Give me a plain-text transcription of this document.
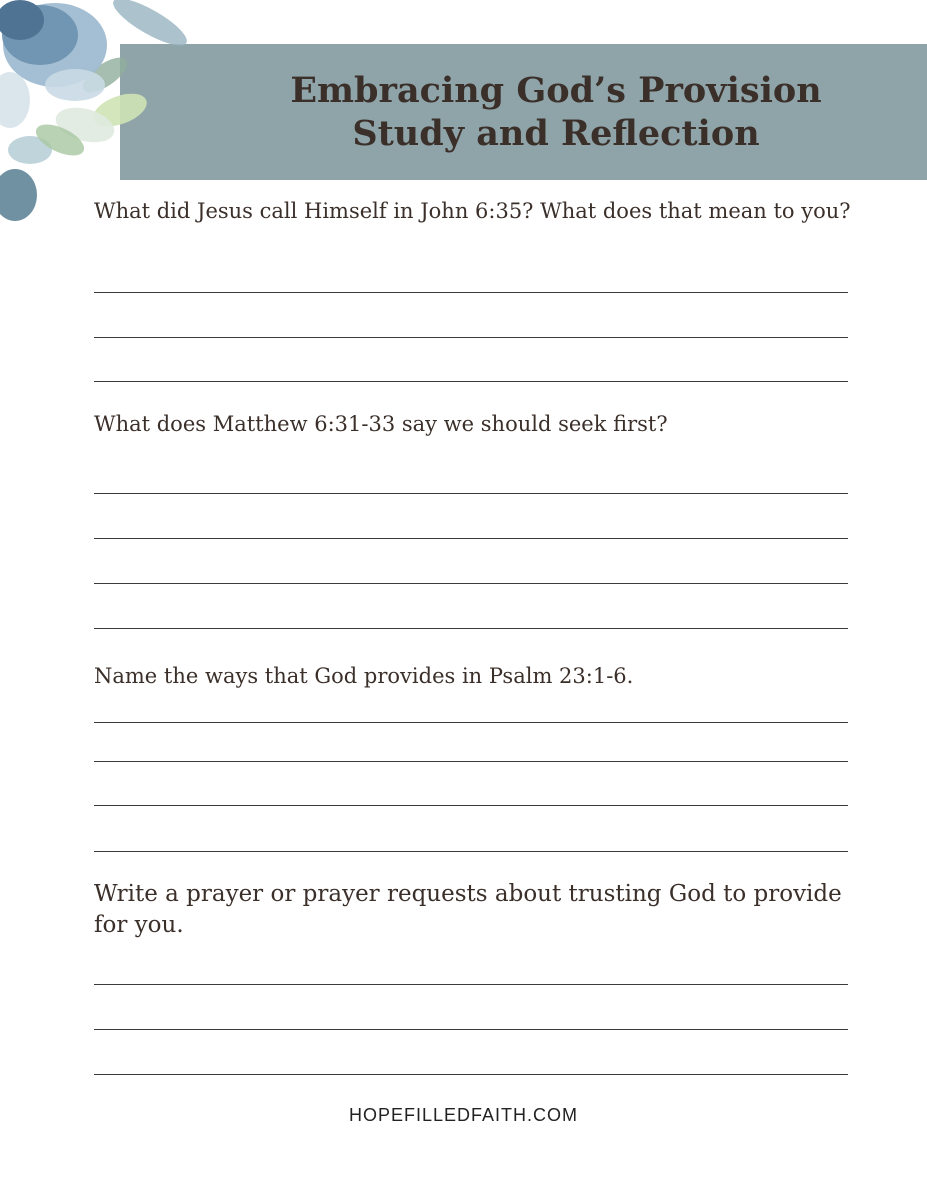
Embracing God’s Provision
Study and Reflection

What did Jesus call Himself in John 6:35? What does that mean to you?

What does Matthew 6:31-33 say we should seek first?

Name the ways that God provides in Psalm 23:1-6.

Write a prayer or prayer requests about trusting God to provide for you.

HOPEFILLEDFAITH.COM
